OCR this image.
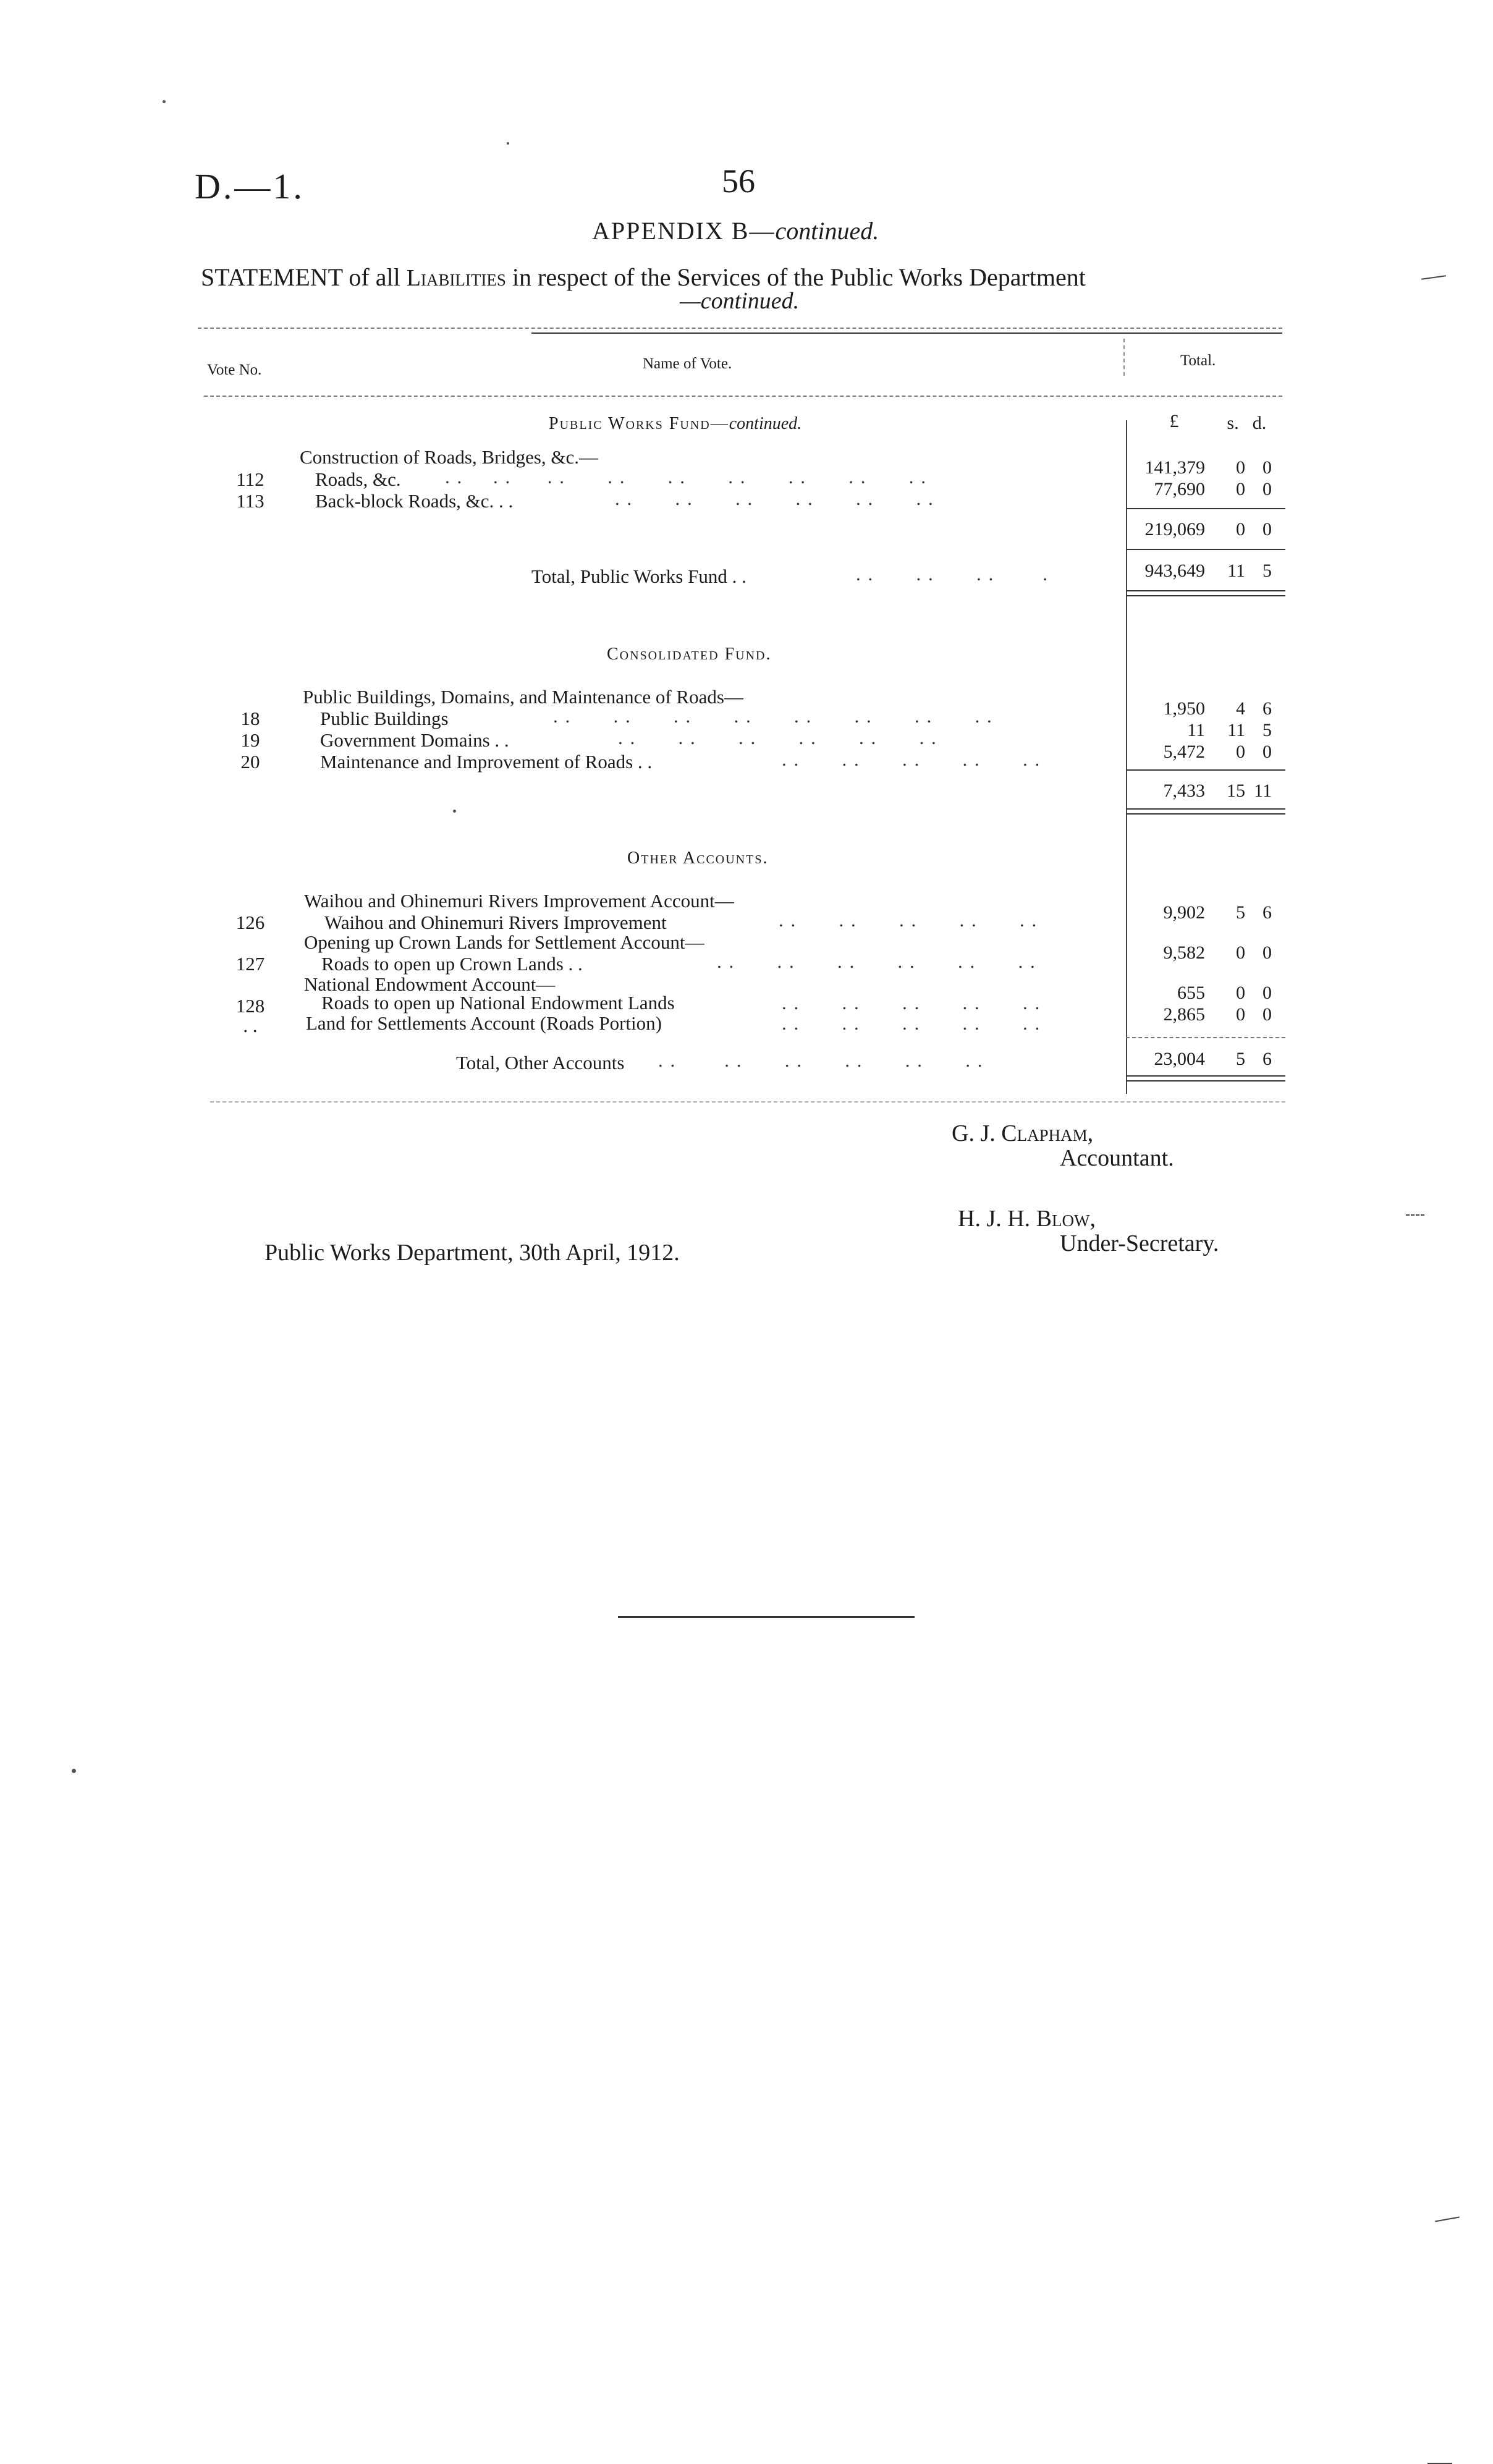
D.—1.	56
APPENDIX B—continued.
STATEMENT of all Liabilities in respect of the Services of the Public Works Department
—continued.
Vote No.	Name of Vote.	Total.
Public Works Fund—continued.	£	s. d.
Construction of Roads, Bridges, &c.—
112	Roads, &c. . .     . .      . .       . .       . .       . .       . .       . .       . .	141,379	0 0
113	Back-block Roads, &c. . .	. .       . .       . .       . .       . .       . .	77,690	0 0
219,069	0 0
Total, Public Works Fund . .	. .       . .       . .        .	943,649	11 5
Consolidated Fund.
Public Buildings, Domains, and Maintenance of Roads—
18	Public Buildings	. .       . .       . .       . .       . .       . .       . .       . .	1,950	4 6
19	Government Domains . .	. .       . .       . .       . .       . .       . .	11	11 5
20	Maintenance and Improvement of Roads . .	. .       . .       . .       . .       . .	5,472	0 0
7,433	15 11
Other Accounts.
Waihou and Ohinemuri Rivers Improvement Account—
126	Waihou and Ohinemuri Rivers Improvement	. .       . .       . .       . .       . .	9,902	5 6
Opening up Crown Lands for Settlement Account—
127	Roads to open up Crown Lands . .	. .       . .       . .       . .       . .       . .	9,582	0 0
National Endowment Account—
128	Roads to open up National Endowment Lands	. .       . .       . .       . .       . .	655	0 0
. .	Land for Settlements Account (Roads Portion)	. .       . .       . .       . .       . .	2,865	0 0
Total, Other Accounts . .        . .       . .       . .       . .       . .	23,004	5 6
G. J. Clapham,
Accountant.
H. J. H. Blow,
Under-Secretary.
Public Works Department, 30th April, 1912.
